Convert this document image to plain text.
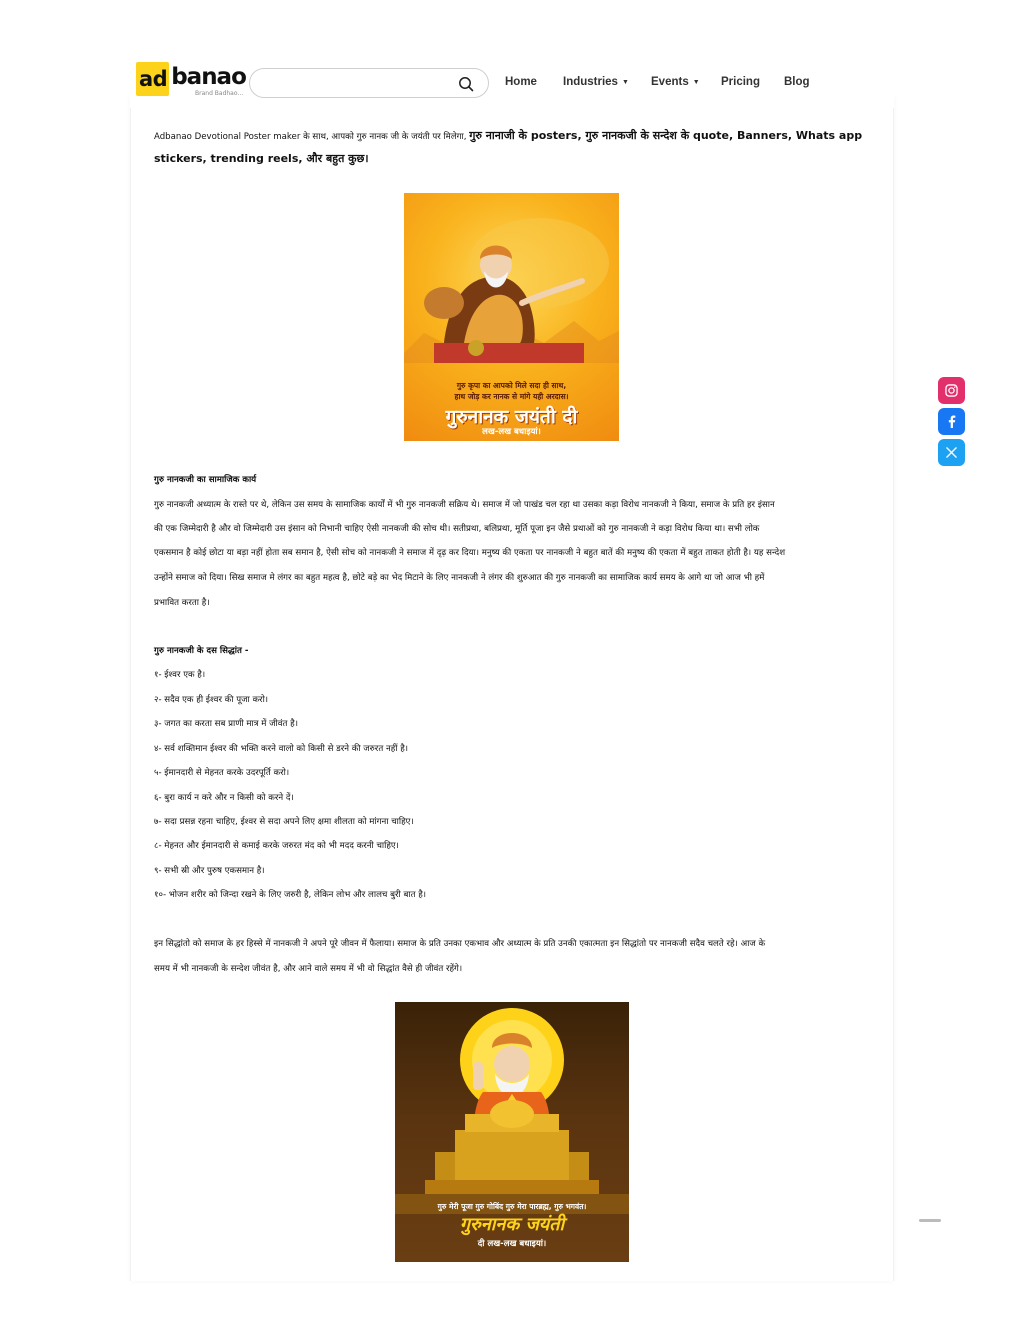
ad banao
Brand Badhao...
Home Industries ▼ Events ▼ Pricing Blog
Adbanao Devotional Poster maker के साथ, आपको गुरु नानक जी के जयंती पर मिलेगा, गुरु नानाजी के posters, गुरु नानकजी के सन्देश के quote, Banners, Whats app
stickers, trending reels, और बहुत कुछ।
गुरु कृपा का आपको मिले सदा ही साथ,
हाथ जोड़ कर नानक से मांगे यही अरदास।
गुरुनानक जयंती दी
लख-लख बधाइयां।
गुरु नानकजी का सामाजिक कार्य
गुरु नानकजी अध्यात्म के रास्ते पर थे, लेकिन उस समय के सामाजिक कार्यों में भी गुरु नानकजी सक्रिय थे। समाज में जो पाखंड चल रहा था उसका कड़ा विरोध नानकजी ने किया, समाज के प्रति हर इंसान
की एक जिम्मेदारी है और वो जिम्मेदारी उस इंसान को निभानी चाहिए ऐसी नानकजी की सोच थी। सतीप्रथा, बलिप्रथा, मूर्ति पूजा इन जैसे प्रथाओं को गुरु नानकजी ने कड़ा विरोध किया था। सभी लोक
एकसमान है कोई छोटा या बड़ा नहीं होता सब समान है, ऐसी सोच को नानकजी ने समाज में दृढ़ कर दिया। मनुष्य की एकता पर नानकजी ने बहुत बातें की मनुष्य की एकता में बहुत ताकत होती है। यह सन्देश
उन्होंने समाज को दिया। सिख समाज मे लंगर का बहुत महत्व है, छोटे बड़े का भेद मिटाने के लिए नानकजी ने लंगर की शुरुआत की गुरु नानकजी का सामाजिक कार्य समय के आगे था जो आज भी हमें
प्रभावित करता है।
गुरु नानकजी के दस सिद्धांत -
१- ईश्वर एक है।
२- सदैव एक ही ईश्वर की पूजा करो।
३- जगत का करता सब प्राणी मात्र में जीवंत है।
४- सर्व शक्तिमान ईश्वर की भक्ति करने वालो को किसी से डरने की जरुरत नहीं है।
५- ईमानदारी से मेहनत करके उदरपूर्ति करो।
६- बुरा कार्य न करे और न किसी को करने दें।
७- सदा प्रसन्न रहना चाहिए, ईश्वर से सदा अपने लिए क्षमा शीलता को मांगना चाहिए।
८- मेहनत और ईमानदारी से कमाई करके जरुरत मंद को भी मदद करनी चाहिए।
९- सभी स्री और पुरुष एकसमान है।
१०- भोजन शरीर को जिन्दा रखने के लिए जरुरी है, लेकिन लोभ और लालच बुरी बात है।
इन सिद्धांतो को समाज के हर हिस्से में नानकजी ने अपने पूरे जीवन में फैलाया। समाज के प्रति उनका एकभाव और अध्यात्म के प्रति उनकी एकात्मता इन सिद्धांतो पर नानकजी सदैव चलते रहे। आज के
समय में भी नानकजी के सन्देश जीवंत है, और आने वाले समय में भी वो सिद्धांत वैसे ही जीवंत रहेंगे।
गुरु मेरी पूजा गुरु गोबिंद गुरु मेरा पारब्रह्म, गुरु भगवंत।
गुरुनानक जयंती
दी लख-लख बधाइयां।
